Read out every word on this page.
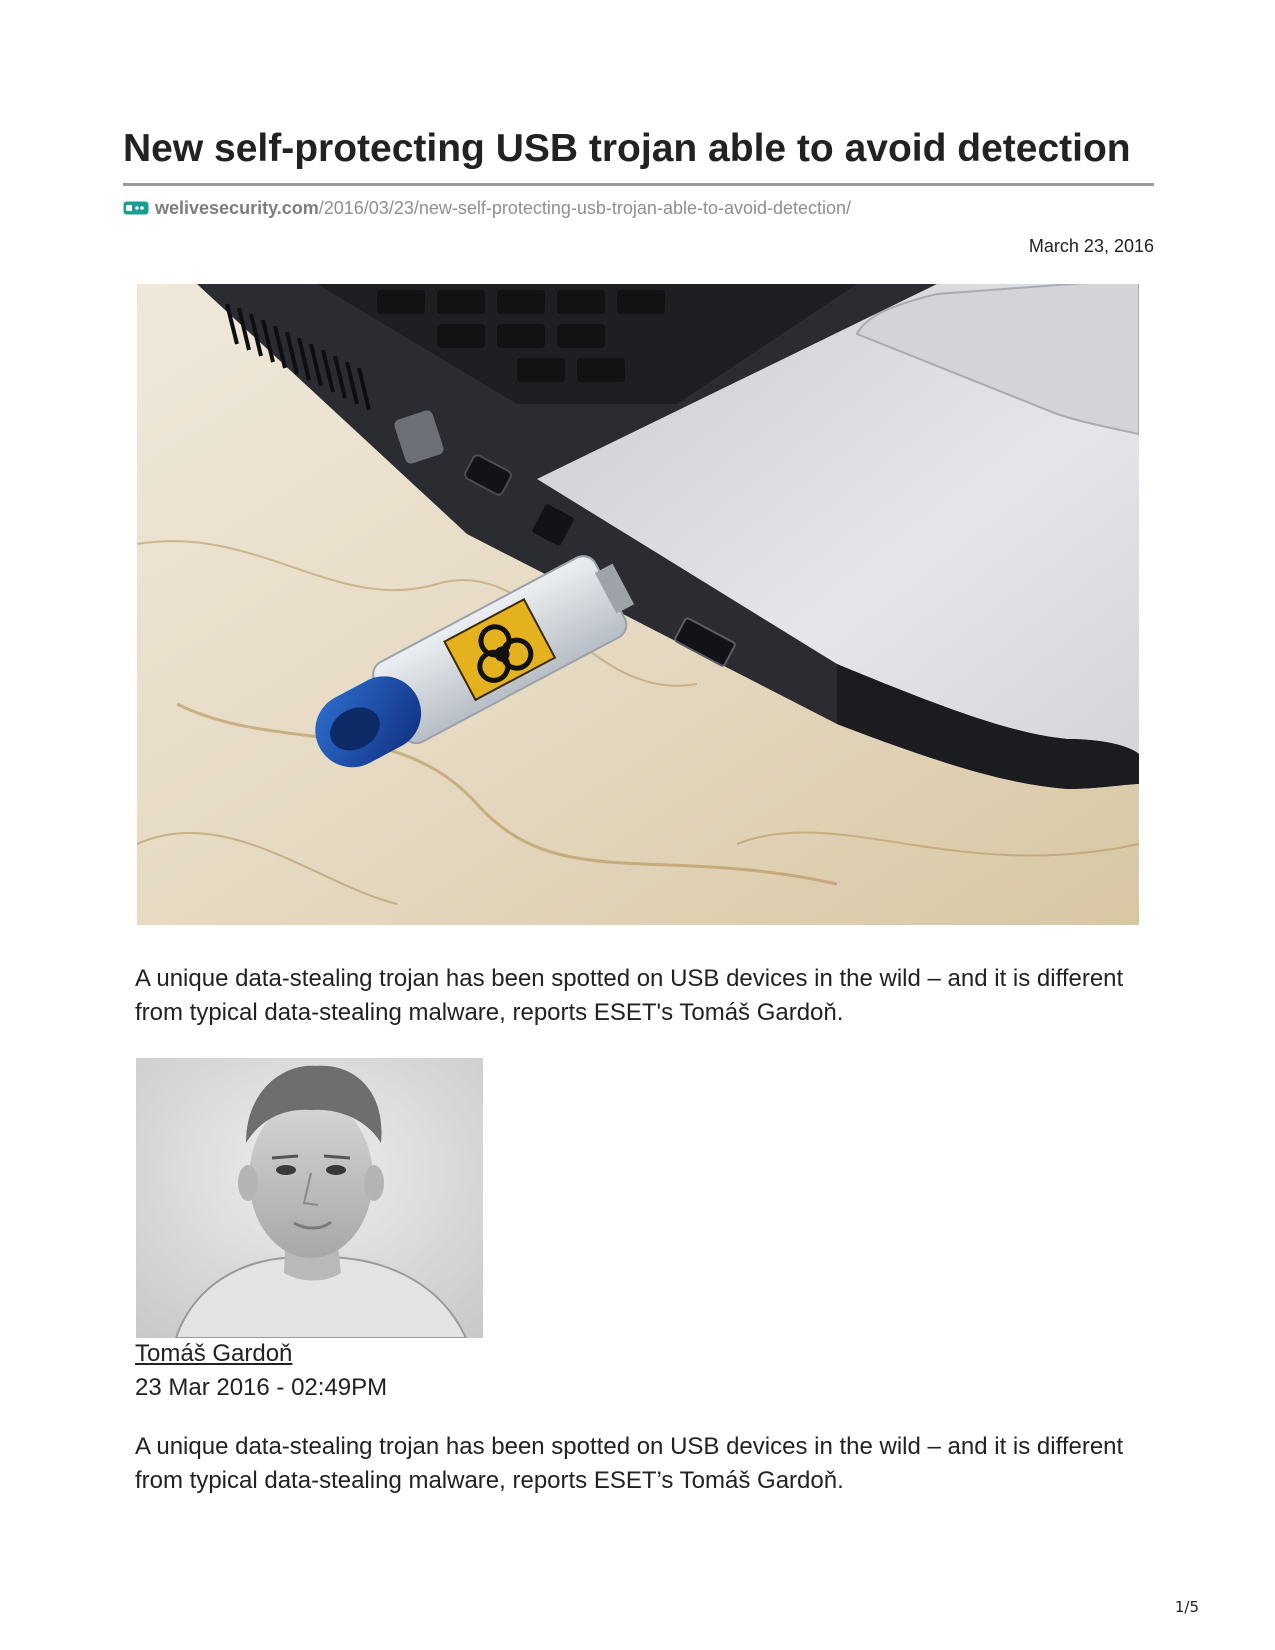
New self-protecting USB trojan able to avoid detection
welivesecurity.com /2016/03/23/new-self-protecting-usb-trojan-able-to-avoid-detection/
March 23, 2016

A unique data-stealing trojan has been spotted on USB devices in the wild – and it is different from typical data-stealing malware, reports ESET's Tomáš Gardoň.

Tomáš Gardoň
23 Mar 2016 - 02:49PM

A unique data-stealing trojan has been spotted on USB devices in the wild – and it is different from typical data-stealing malware, reports ESET’s Tomáš Gardoň.

1/5
